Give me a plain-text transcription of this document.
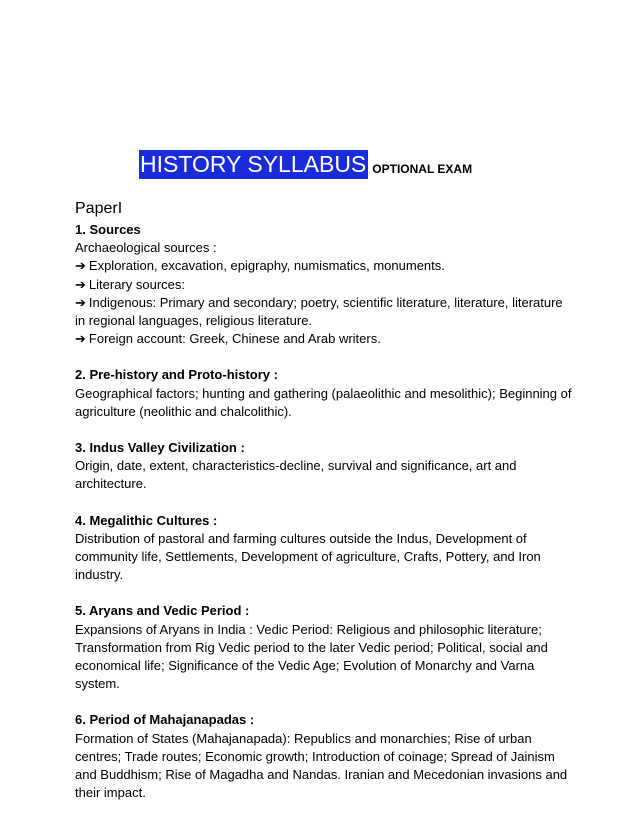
HISTORY SYLLABUS OPTIONAL EXAM
PaperI

1. Sources

Archaeological sources :

➔ Exploration, excavation, epigraphy, numismatics, monuments.

➔ Literary sources:

➔ Indigenous: Primary and secondary; poetry, scientific literature, literature, literature in regional languages, religious literature.

➔ Foreign account: Greek, Chinese and Arab writers.

2. Pre-history and Proto-history :

Geographical factors; hunting and gathering (palaeolithic and mesolithic); Beginning of agriculture (neolithic and chalcolithic).

3. Indus Valley Civilization :

Origin, date, extent, characteristics-decline, survival and significance, art and architecture.

4. Megalithic Cultures :

Distribution of pastoral and farming cultures outside the Indus, Development of community life, Settlements, Development of agriculture, Crafts, Pottery, and Iron industry.

5. Aryans and Vedic Period :

Expansions of Aryans in India : Vedic Period: Religious and philosophic literature; Transformation from Rig Vedic period to the later Vedic period; Political, social and economical life; Significance of the Vedic Age; Evolution of Monarchy and Varna system.

6. Period of Mahajanapadas :

Formation of States (Mahajanapada): Republics and monarchies; Rise of urban centres; Trade routes; Economic growth; Introduction of coinage; Spread of Jainism and Buddhism; Rise of Magadha and Nandas. Iranian and Mecedonian invasions and their impact.
